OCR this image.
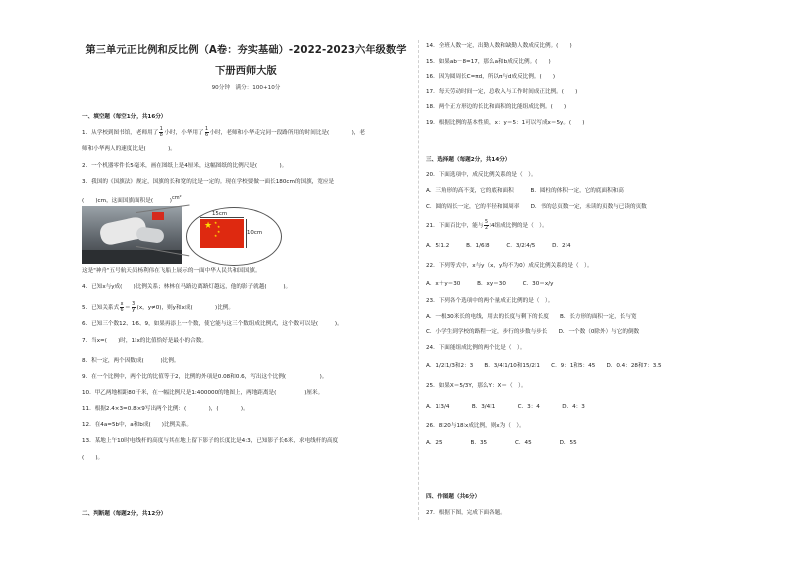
第三单元正比例和反比例（A卷：夯实基础）-2022-2023六年级数学下册西师大版
90分钟　满分：100+10分
一、填空题（每空1分，共16分）
1．从学校到图书馆，老师用了 $\frac{1}{8}$ 小时，小华用了 $\frac{1}{6}$ 小时，老师和小华走完同一段路所用的时间比是(　　　　)，老
师和小华两人的速度比是(　　　　)。
2．一个机器零件长5毫米，画在图纸上是4厘米，这幅图纸的比例尺是(　　　　)。
3．我国的《国旗法》规定，国旗的长和宽的比是一定的。现在学校要做一面长180cm的国旗，宽应是
(　　)cm，这面国旗面积是(　　　)cm²
15cm
10cm
★ ★
★
★
★
这是"神舟"五号航天员杨利伟在飞船上展示的一面中华人民共和国国旗。
4．已知x与y成(　　)比例关系；林林在马路边离路灯越远，他的影子就越(　　　)。
5．已知关系式 $\frac{x}{6} = \frac{3}{y} (x$，y≠0)，则y和x成(　　　　)比例。
6．已知三个数12、16、9，如果再添上一个数，使它能与这三个数组成比例式，这个数可以是(　　　)。
7．当x=(　　)时，1∶x的比值恰好是最小的合数。
8．积一定，两个因数成(　　　)比例。
9．在一个比例中，两个比的比值等于2，比例的外项是0.08和0.6，写出这个比例(　　　　　　)。
10．甲乙两地相距80千米，在一幅比例尺是1:400000的地图上，两地距离是(　　　　　)厘米。
11．根据2.4×3=0.8×9写出两个比例：(　　　　)，(　　　　)。
12．在4a=5b中，a和b成(　　)比例关系。
13．某地上午10时电线杆的高度与其在地上留下影子的长度比是4:3，已知影子长6米，求电线杆的高度
(　　)。
二、判断题（每题2分，共12分）
14．全班人数一定，出勤人数和缺勤人数成反比例。(　　)
15．如果ab－8=17，那么a和b成反比例。(　　)
16．因为圆周长C=πd，所以π与d成反比例。(　　)
17．每天劳动时间一定，总收入与工作时间成正比例。(　　)
18．两个正方形边的长比和面积的比能组成比例。(　　)
19．根据比例的基本性质，x：y＝5：1可以写成x＝5y。(　　)
三、选择题（每题2分，共14分）
20．下面选项中，成反比例关系的是（　）。
A．三角形的高不变，它的底和面积　　　B．圆柱的体积一定，它的底面积和高
C．圆的周长一定，它的半径和圆周率　　D．书的总页数一定，未读的页数与已读的页数
21．下面百比中，能与 $\frac{5}{2}$ ∶4组成比例的是（　）。
A．5∶1.2　　　B．1/6∶8　　　C．3/2∶4/5　　　D．2∶4
22．下列等式中，x与y（x，y均不为0）成反比例关系的是（　）。
A．x＋y＝30　　　B．xy＝30　　　C．30＝x/y
23．下列各个选项中的两个量成正比例的是（　）。
A．一根30米长的电线，用去的长度与剩下的长度　　B．长方形的面积一定，长与宽
C．小学生到学校的路程一定，步行的步数与步长　　D．一个数（0除外）与它的倒数
24．下面能组成比例的两个比是（　）。
A．1/2∶1/3和2：3　　B．3/4∶1/10和15/2∶1　　C．9：1和5：45　　D．0.4：28和7：3.5
25．如果X＝5/3Y，那么Y：X＝（　）。
A．1∶3/4　　　　B．3/4∶1　　　　C．3：4　　　　D．4：3
26．8∶20与18∶x成比例，则x为（　）。
A．25　　　　　B．35　　　　　C．45　　　　　D．55
四、作图题（共6分）
27．根据下图，完成下面各题。
